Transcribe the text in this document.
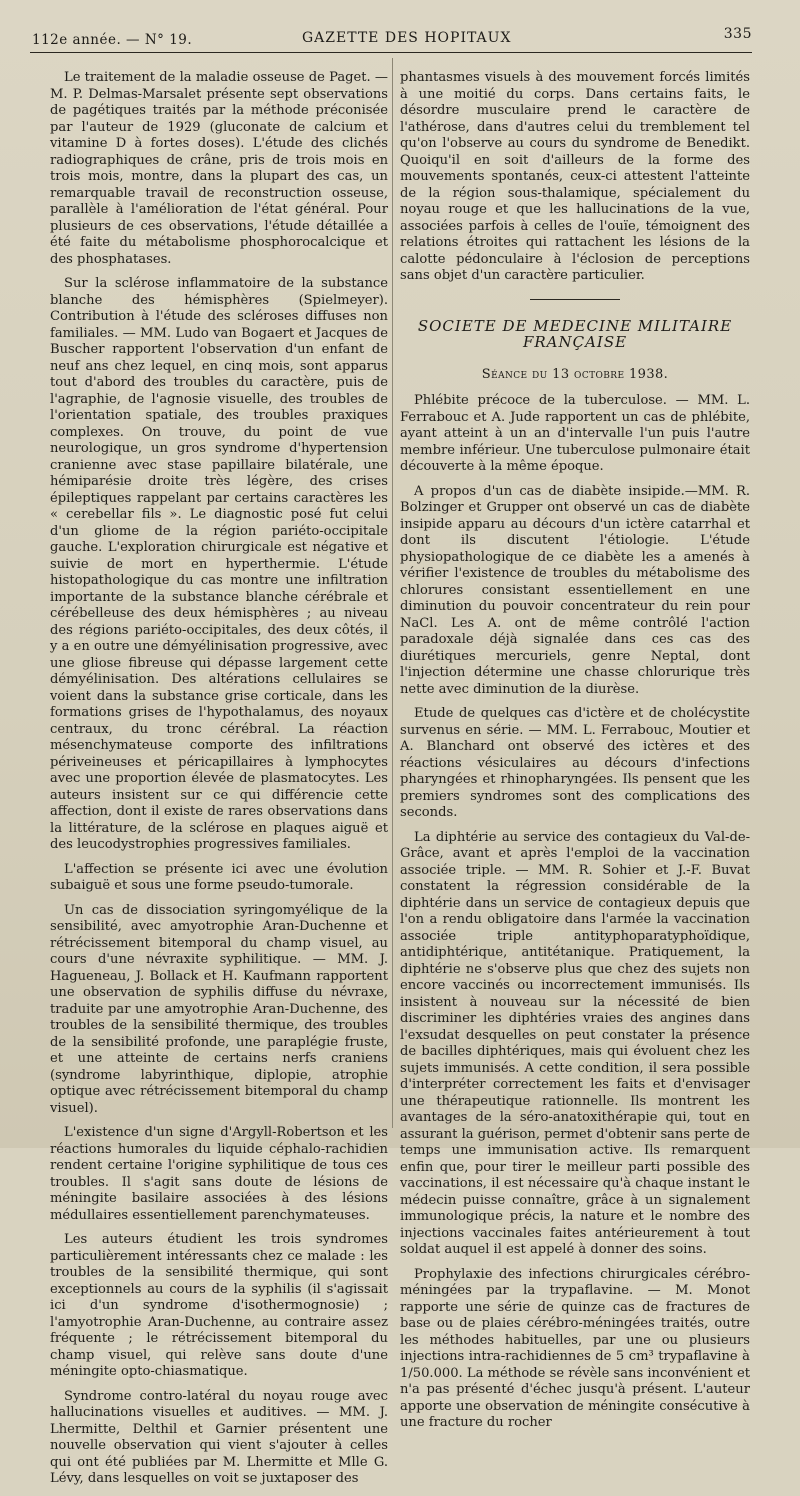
112e année. — N° 19.	GAZETTE DES HOPITAUX	335

Le traitement de la maladie osseuse de Paget. — M. P. Delmas-Marsalet présente sept observations de pagétiques traités par la méthode préconisée par l'auteur de 1929 (gluconate de calcium et vitamine D à fortes doses). L'étude des clichés radiographiques de crâne, pris de trois mois en trois mois, montre, dans la plupart des cas, un remarquable travail de reconstruction osseuse, parallèle à l'amélioration de l'état général. Pour plusieurs de ces observations, l'étude détaillée a été faite du métabolisme phosphorocalcique et des phosphatases.

Sur la sclérose inflammatoire de la substance blanche des hémisphères (Spielmeyer). Contribution à l'étude des scléroses diffuses non familiales. — MM. Ludo van Bogaert et Jacques de Buscher rapportent l'observation d'un enfant de neuf ans chez lequel, en cinq mois, sont apparus tout d'abord des troubles du caractère, puis de l'agraphie, de l'agnosie visuelle, des troubles de l'orientation spatiale, des troubles praxiques complexes. On trouve, du point de vue neurologique, un gros syndrome d'hypertension cranienne avec stase papillaire bilatérale, une hémiparésie droite très légère, des crises épileptiques rappelant par certains caractères les « cerebellar fils ». Le diagnostic posé fut celui d'un gliome de la région pariéto-occipitale gauche. L'exploration chirurgicale est négative et suivie de mort en hyperthermie. L'étude histopathologique du cas montre une infiltration importante de la substance blanche cérébrale et cérébelleuse des deux hémisphères ; au niveau des régions pariéto-occipitales, des deux côtés, il y a en outre une démyélinisation progressive, avec une gliose fibreuse qui dépasse largement cette démyélinisation. Des altérations cellulaires se voient dans la substance grise corticale, dans les formations grises de l'hypothalamus, des noyaux centraux, du tronc cérébral. La réaction mésenchymateuse comporte des infiltrations périveineuses et péricapillaires à lymphocytes avec une proportion élevée de plasmatocytes. Les auteurs insistent sur ce qui différencie cette affection, dont il existe de rares observations dans la littérature, de la sclérose en plaques aiguë et des leucodystrophies progressives familiales.

L'affection se présente ici avec une évolution subaiguë et sous une forme pseudo-tumorale.

Un cas de dissociation syringomyélique de la sensibilité, avec amyotrophie Aran-Duchenne et rétrécissement bitemporal du champ visuel, au cours d'une névraxite syphilitique. — MM. J. Hagueneau, J. Bollack et H. Kaufmann rapportent une observation de syphilis diffuse du névraxe, traduite par une amyotrophie Aran-Duchenne, des troubles de la sensibilité thermique, des troubles de la sensibilité profonde, une paraplégie fruste, et une atteinte de certains nerfs craniens (syndrome labyrinthique, diplopie, atrophie optique avec rétrécissement bitemporal du champ visuel).

L'existence d'un signe d'Argyll-Robertson et les réactions humorales du liquide céphalo-rachidien rendent certaine l'origine syphilitique de tous ces troubles. Il s'agit sans doute de lésions de méningite basilaire associées à des lésions médullaires essentiellement parenchymateuses.

Les auteurs étudient les trois syndromes particulièrement intéressants chez ce malade : les troubles de la sensibilité thermique, qui sont exceptionnels au cours de la syphilis (il s'agissait ici d'un syndrome d'isothermognosie) ; l'amyotrophie Aran-Duchenne, au contraire assez fréquente ; le rétrécissement bitemporal du champ visuel, qui relève sans doute d'une méningite opto-chiasmatique.

Syndrome contro-latéral du noyau rouge avec hallucinations visuelles et auditives. — MM. J. Lhermitte, Delthil et Garnier présentent une nouvelle observation qui vient s'ajouter à celles qui ont été publiées par M. Lhermitte et Mlle G. Lévy, dans lesquelles on voit se juxtaposer des

phantasmes visuels à des mouvement forcés limités à une moitié du corps. Dans certains faits, le désordre musculaire prend le caractère de l'athérose, dans d'autres celui du tremblement tel qu'on l'observe au cours du syndrome de Benedikt. Quoiqu'il en soit d'ailleurs de la forme des mouvements spontanés, ceux-ci attestent l'atteinte de la région sous-thalamique, spécialement du noyau rouge et que les hallucinations de la vue, associées parfois à celles de l'ouïe, témoignent des relations étroites qui rattachent les lésions de la calotte pédonculaire à l'éclosion de perceptions sans objet d'un caractère particulier.

SOCIETE DE MEDECINE MILITAIRE FRANÇAISE
Séance du 13 octobre 1938.

Phlébite précoce de la tuberculose. — MM. L. Ferrabouc et A. Jude rapportent un cas de phlébite, ayant atteint à un an d'intervalle l'un puis l'autre membre inférieur. Une tuberculose pulmonaire était découverte à la même époque.

A propos d'un cas de diabète insipide.—MM. R. Bolzinger et Grupper ont observé un cas de diabète insipide apparu au décours d'un ictère catarrhal et dont ils discutent l'étiologie. L'étude physiopathologique de ce diabète les a amenés à vérifier l'existence de troubles du métabolisme des chlorures consistant essentiellement en une diminution du pouvoir concentrateur du rein pour NaCl. Les A. ont de même contrôlé l'action paradoxale déjà signalée dans ces cas des diurétiques mercuriels, genre Neptal, dont l'injection détermine une chasse chlorurique très nette avec diminution de la diurèse.

Etude de quelques cas d'ictère et de cholécystite survenus en série. — MM. L. Ferrabouc, Moutier et A. Blanchard ont observé des ictères et des réactions vésiculaires au décours d'infections pharyngées et rhinopharyngées. Ils pensent que les premiers syndromes sont des complications des seconds.

La diphtérie au service des contagieux du Val-de-Grâce, avant et après l'emploi de la vaccination associée triple. — MM. R. Sohier et J.-F. Buvat constatent la régression considérable de la diphtérie dans un service de contagieux depuis que l'on a rendu obligatoire dans l'armée la vaccination associée triple antityphoparatyphoïdique, antidiphtérique, antitétanique. Pratiquement, la diphtérie ne s'observe plus que chez des sujets non encore vaccinés ou incorrectement immunisés. Ils insistent à nouveau sur la nécessité de bien discriminer les diphtéries vraies des angines dans l'exsudat desquelles on peut constater la présence de bacilles diphtériques, mais qui évoluent chez les sujets immunisés. A cette condition, il sera possible d'interpréter correctement les faits et d'envisager une thérapeutique rationnelle. Ils montrent les avantages de la séro-anatoxithérapie qui, tout en assurant la guérison, permet d'obtenir sans perte de temps une immunisation active. Ils remarquent enfin que, pour tirer le meilleur parti possible des vaccinations, il est nécessaire qu'à chaque instant le médecin puisse connaître, grâce à un signalement immunologique précis, la nature et le nombre des injections vaccinales faites antérieurement à tout soldat auquel il est appelé à donner des soins.

Prophylaxie des infections chirurgicales cérébro-méningées par la trypaflavine. — M. Monot rapporte une série de quinze cas de fractures de base ou de plaies cérébro-méningées traités, outre les méthodes habituelles, par une ou plusieurs injections intra-rachidiennes de 5 cm³ trypaflavine à 1/50.000. La méthode se révèle sans inconvénient et n'a pas présenté d'échec jusqu'à présent. L'auteur apporte une observation de méningite consécutive à une fracture du rocher
